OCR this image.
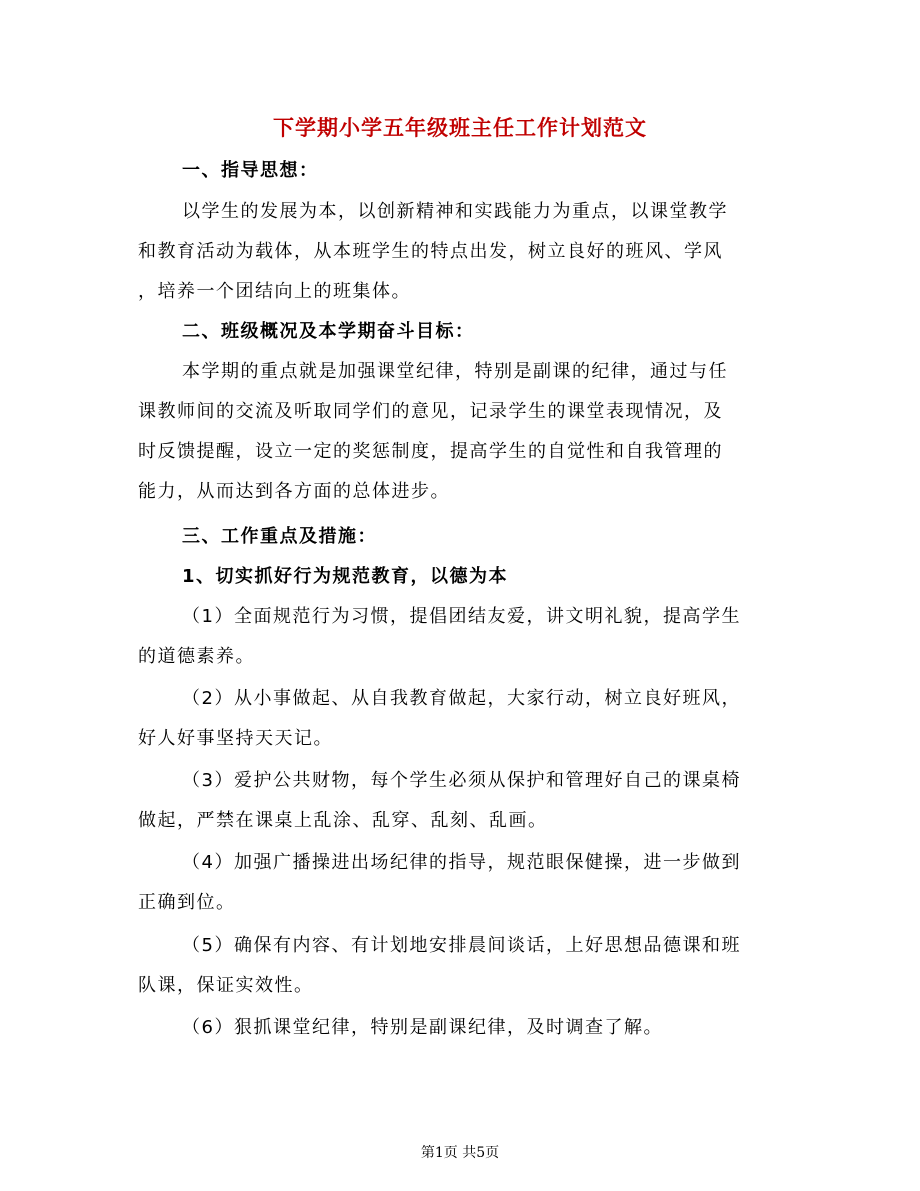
下学期小学五年级班主任工作计划范文
一、指导思想：
以学生的发展为本，以创新精神和实践能力为重点，以课堂教学
和教育活动为载体，从本班学生的特点出发，树立良好的班风、学风
，培养一个团结向上的班集体。
二、班级概况及本学期奋斗目标：
本学期的重点就是加强课堂纪律，特别是副课的纪律，通过与任
课教师间的交流及听取同学们的意见，记录学生的课堂表现情况，及
时反馈提醒，设立一定的奖惩制度，提高学生的自觉性和自我管理的
能力，从而达到各方面的总体进步。
三、工作重点及措施：
1、切实抓好行为规范教育，以德为本
（1）全面规范行为习惯，提倡团结友爱，讲文明礼貌，提高学生
的道德素养。
（2）从小事做起、从自我教育做起，大家行动，树立良好班风，
好人好事坚持天天记。
（3）爱护公共财物，每个学生必须从保护和管理好自己的课桌椅
做起，严禁在课桌上乱涂、乱穿、乱刻、乱画。
（4）加强广播操进出场纪律的指导，规范眼保健操，进一步做到
正确到位。
（5）确保有内容、有计划地安排晨间谈话，上好思想品德课和班
队课，保证实效性。
（6）狠抓课堂纪律，特别是副课纪律，及时调查了解。
第1页 共5页
